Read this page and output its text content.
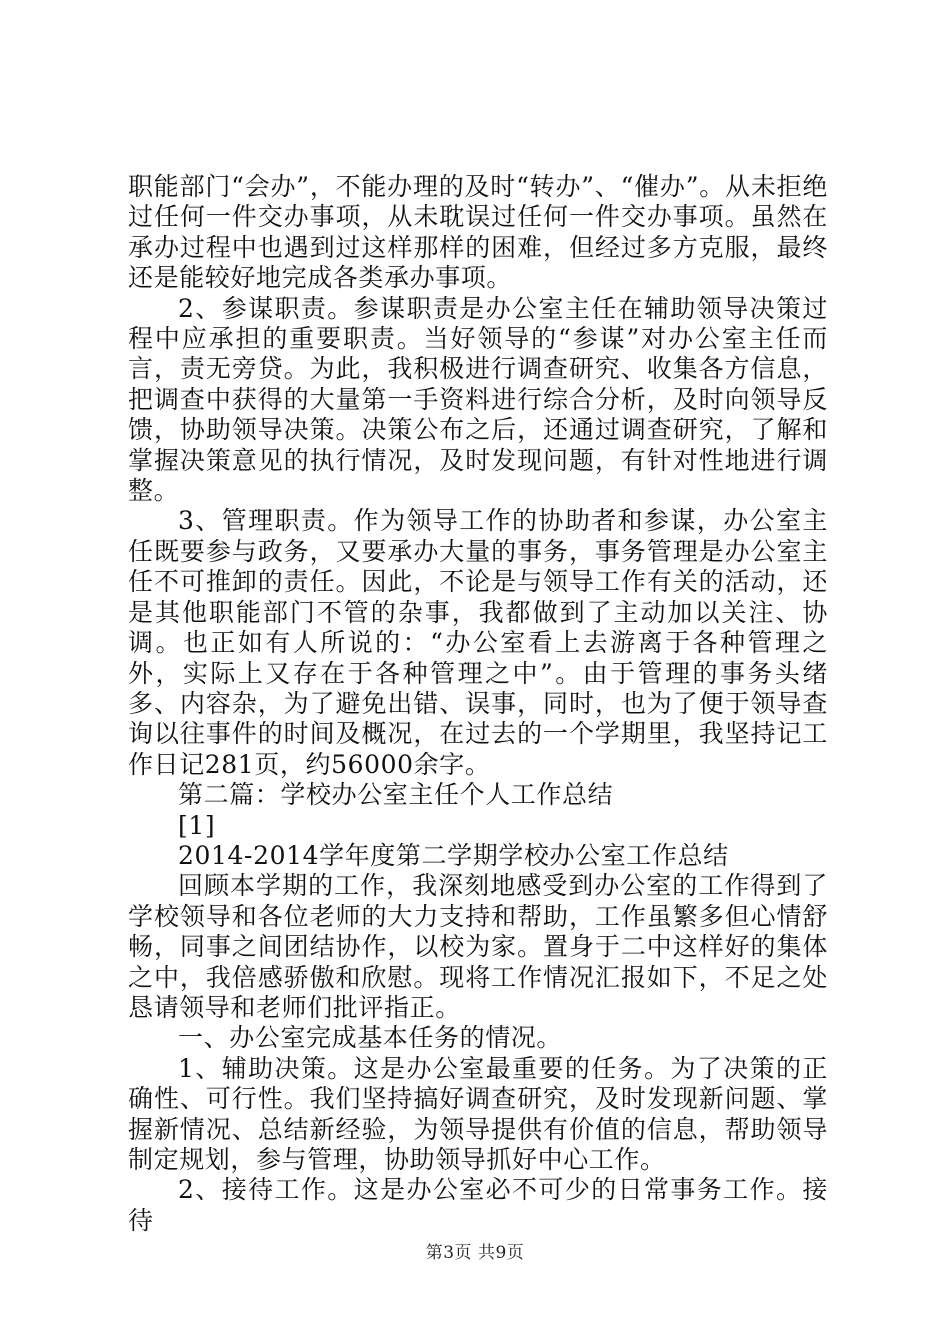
职能部门“会办”，不能办理的及时“转办”、“催办”。从未拒绝过任何一件交办事项，从未耽误过任何一件交办事项。虽然在承办过程中也遇到过这样那样的困难，但经过多方克服，最终还是能较好地完成各类承办事项。

2、参谋职责。参谋职责是办公室主任在辅助领导决策过程中应承担的重要职责。当好领导的“参谋”对办公室主任而言，责无旁贷。为此，我积极进行调查研究、收集各方信息，把调查中获得的大量第一手资料进行综合分析，及时向领导反馈，协助领导决策。决策公布之后，还通过调查研究，了解和掌握决策意见的执行情况，及时发现问题，有针对性地进行调整。

3、管理职责。作为领导工作的协助者和参谋，办公室主任既要参与政务，又要承办大量的事务，事务管理是办公室主任不可推卸的责任。因此，不论是与领导工作有关的活动，还是其他职能部门不管的杂事，我都做到了主动加以关注、协调。也正如有人所说的：“办公室看上去游离于各种管理之外，实际上又存在于各种管理之中”。由于管理的事务头绪多、内容杂，为了避免出错、误事，同时，也为了便于领导查询以往事件的时间及概况，在过去的一个学期里，我坚持记工作日记281页，约56000余字。

第二篇：学校办公室主任个人工作总结

[1]

2014-2014学年度第二学期学校办公室工作总结

回顾本学期的工作，我深刻地感受到办公室的工作得到了学校领导和各位老师的大力支持和帮助，工作虽繁多但心情舒畅，同事之间团结协作，以校为家。置身于二中这样好的集体之中，我倍感骄傲和欣慰。现将工作情况汇报如下，不足之处恳请领导和老师们批评指正。

一、办公室完成基本任务的情况。

1、辅助决策。这是办公室最重要的任务。为了决策的正确性、可行性。我们坚持搞好调查研究，及时发现新问题、掌握新情况、总结新经验，为领导提供有价值的信息，帮助领导制定规划，参与管理，协助领导抓好中心工作。

2、接待工作。这是办公室必不可少的日常事务工作。接待

第3页 共9页
